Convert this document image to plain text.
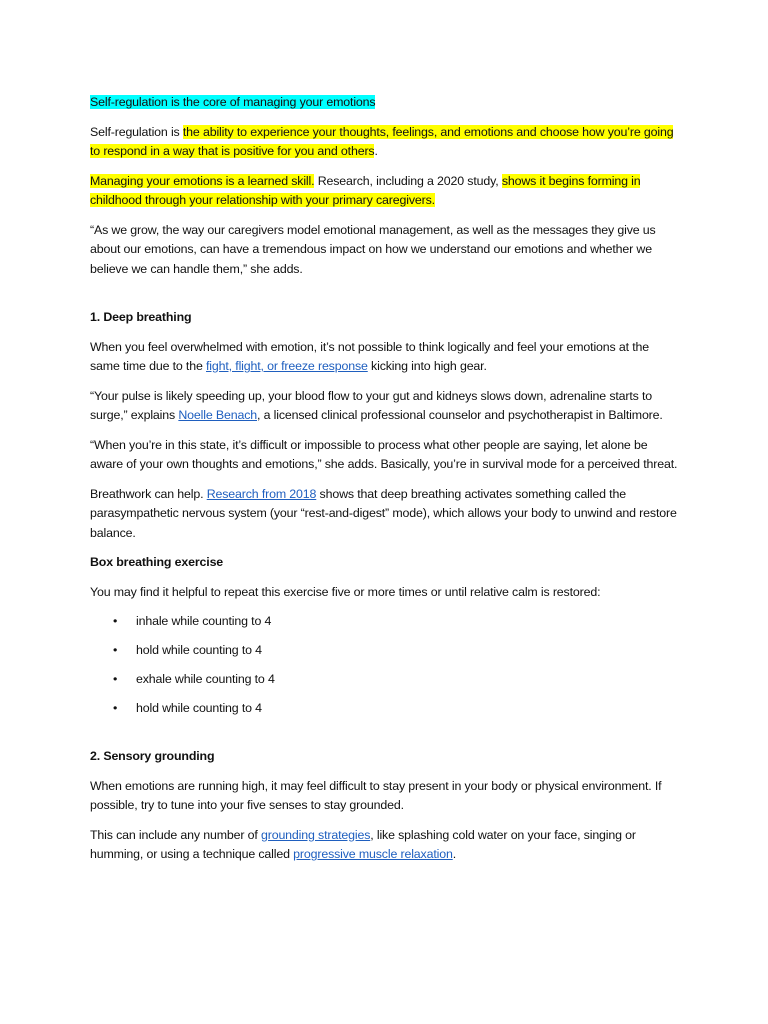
Self-regulation is the core of managing your emotions

Self-regulation is the ability to experience your thoughts, feelings, and emotions and choose how you’re going to respond in a way that is positive for you and others.

Managing your emotions is a learned skill. Research, including a 2020 study, shows it begins forming in childhood through your relationship with your primary caregivers.

“As we grow, the way our caregivers model emotional management, as well as the messages they give us about our emotions, can have a tremendous impact on how we understand our emotions and whether we believe we can handle them,” she adds.

1. Deep breathing

When you feel overwhelmed with emotion, it’s not possible to think logically and feel your emotions at the same time due to the fight, flight, or freeze response kicking into high gear.

“Your pulse is likely speeding up, your blood flow to your gut and kidneys slows down, adrenaline starts to surge,” explains Noelle Benach, a licensed clinical professional counselor and psychotherapist in Baltimore.

“When you’re in this state, it’s difficult or impossible to process what other people are saying, let alone be aware of your own thoughts and emotions,” she adds. Basically, you’re in survival mode for a perceived threat.

Breathwork can help. Research from 2018 shows that deep breathing activates something called the parasympathetic nervous system (your “rest-and-digest” mode), which allows your body to unwind and restore balance.

Box breathing exercise

You may find it helpful to repeat this exercise five or more times or until relative calm is restored:

• inhale while counting to 4
• hold while counting to 4
• exhale while counting to 4
• hold while counting to 4

2. Sensory grounding

When emotions are running high, it may feel difficult to stay present in your body or physical environment. If possible, try to tune into your five senses to stay grounded.

This can include any number of grounding strategies, like splashing cold water on your face, singing or humming, or using a technique called progressive muscle relaxation.
